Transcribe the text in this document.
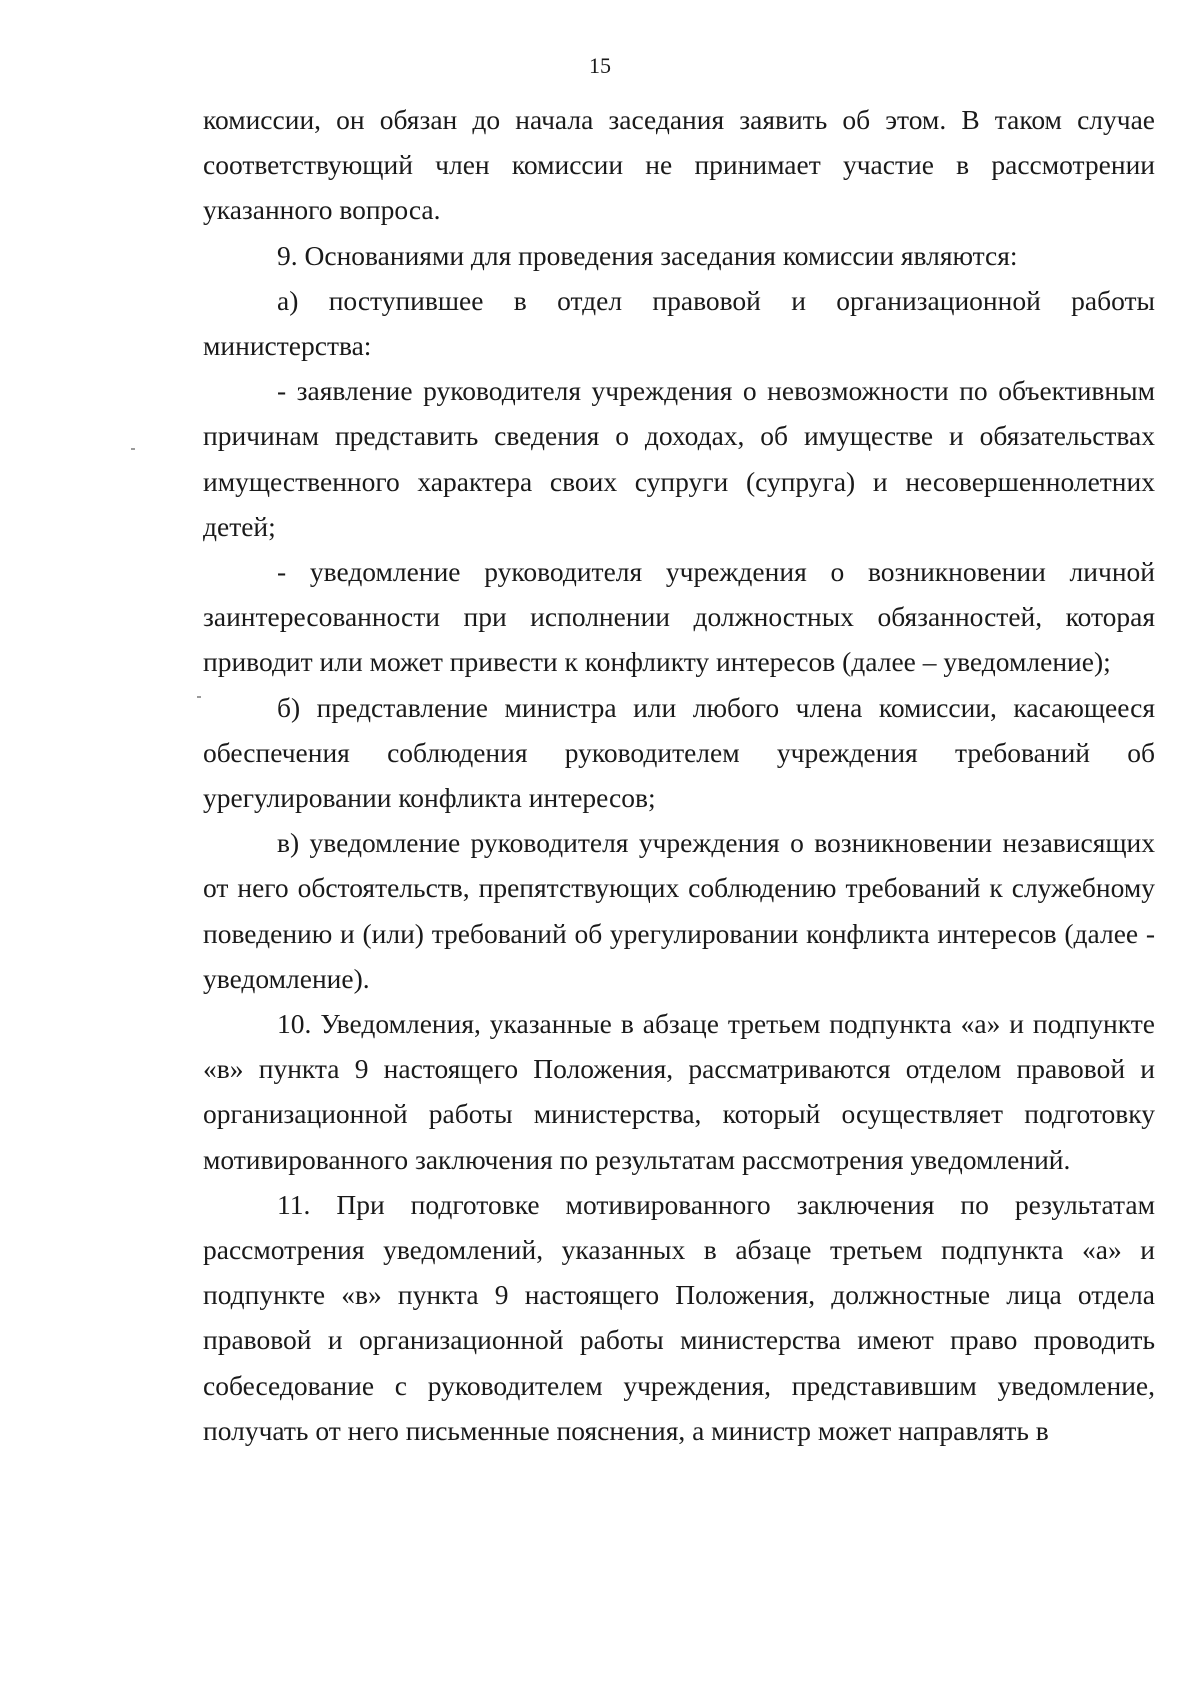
15

комиссии, он обязан до начала заседания заявить об этом. В таком случае соответствующий член комиссии не принимает участие в рассмотрении указанного вопроса.

9. Основаниями для проведения заседания комиссии являются:

а) поступившее в отдел правовой и организационной работы министерства:

- заявление руководителя учреждения о невозможности по объективным причинам представить сведения о доходах, об имуществе и обязательствах имущественного характера своих супруги (супруга) и несовершеннолетних детей;

- уведомление руководителя учреждения о возникновении личной заинтересованности при исполнении должностных обязанностей, которая приводит или может привести к конфликту интересов (далее – уведомление);

б) представление министра или любого члена комиссии, касающееся обеспечения соблюдения руководителем учреждения требований об урегулировании конфликта интересов;

в) уведомление руководителя учреждения о возникновении независящих от него обстоятельств, препятствующих соблюдению требований к служебному поведению и (или) требований об урегулировании конфликта интересов (далее - уведомление).

10. Уведомления, указанные в абзаце третьем подпункта «а» и подпункте «в» пункта 9 настоящего Положения, рассматриваются отделом правовой и организационной работы министерства, который осуществляет подготовку мотивированного заключения по результатам рассмотрения уведомлений.

11. При подготовке мотивированного заключения по результатам рассмотрения уведомлений, указанных в абзаце третьем подпункта «а» и подпункте «в» пункта 9 настоящего Положения, должностные лица отдела правовой и организационной работы министерства имеют право проводить собеседование с руководителем учреждения, представившим уведомление, получать от него письменные пояснения, а министр может направлять в
